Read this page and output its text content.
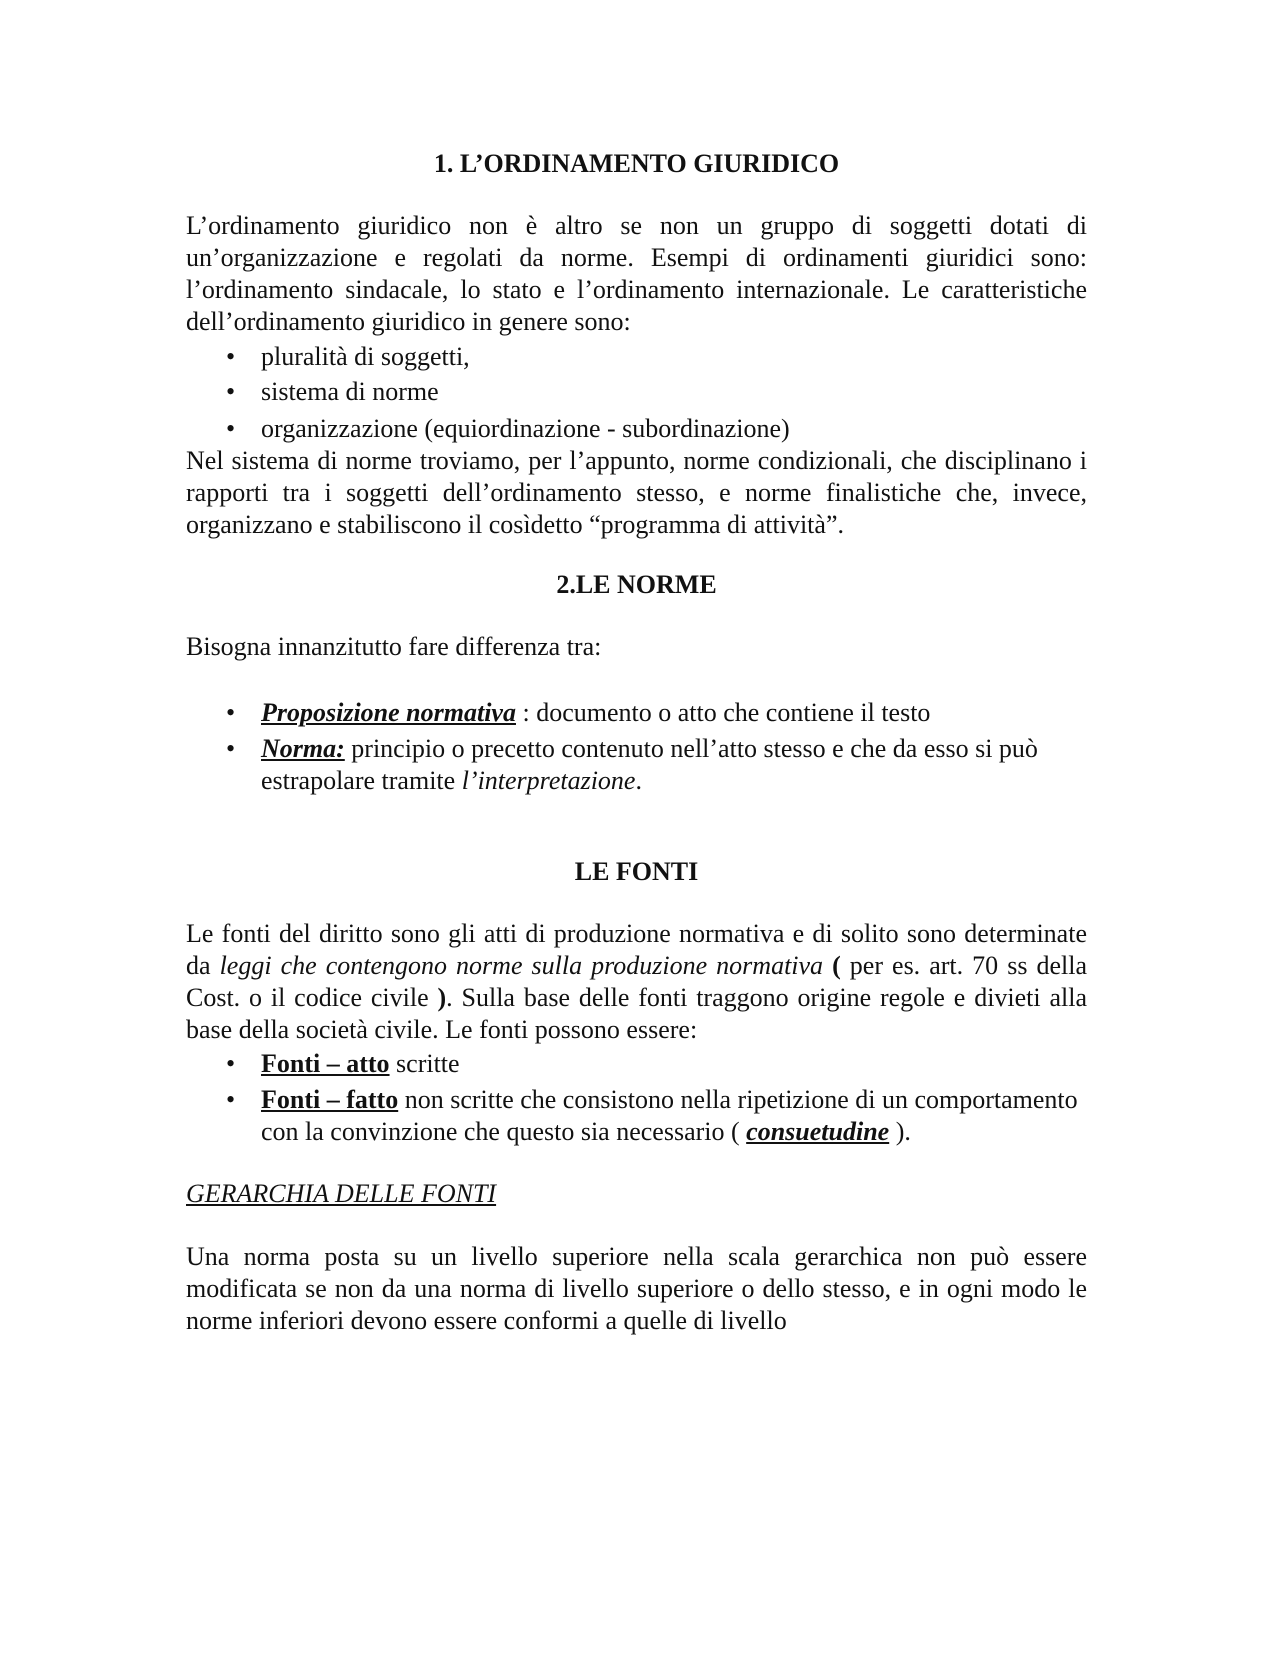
1. L’ORDINAMENTO GIURIDICO

L’ordinamento giuridico non è altro se non un gruppo di soggetti dotati di un’organizzazione e regolati da norme. Esempi di ordinamenti giuridici sono: l’ordinamento sindacale, lo stato e l’ordinamento internazionale. Le caratteristiche dell’ordinamento giuridico in genere sono:

• pluralità di soggetti,
• sistema di norme
• organizzazione (equiordinazione - subordinazione)

Nel sistema di norme troviamo, per l’appunto, norme condizionali, che disciplinano i rapporti tra i soggetti dell’ordinamento stesso, e norme finalistiche che, invece, organizzano e stabiliscono il cosìdetto “programma di attività”.

2.LE NORME

Bisogna innanzitutto fare differenza tra:

• Proposizione normativa : documento o atto che contiene il testo
• Norma: principio o precetto contenuto nell’atto stesso e che da esso si può estrapolare tramite l’interpretazione.
LE FONTI

Le fonti del diritto sono gli atti di produzione normativa e di solito sono determinate da leggi che contengono norme sulla produzione normativa ( per es. art. 70 ss della Cost. o il codice civile ). Sulla base delle fonti traggono origine regole e divieti alla base della società civile. Le fonti possono essere:

• Fonti – atto scritte
• Fonti – fatto non scritte che consistono nella ripetizione di un comportamento con la convinzione che questo sia necessario ( consuetudine ).

GERARCHIA DELLE FONTI

Una norma posta su un livello superiore nella scala gerarchica non può essere modificata se non da una norma di livello superiore o dello stesso, e in ogni modo le norme inferiori devono essere conformi a quelle di livello
